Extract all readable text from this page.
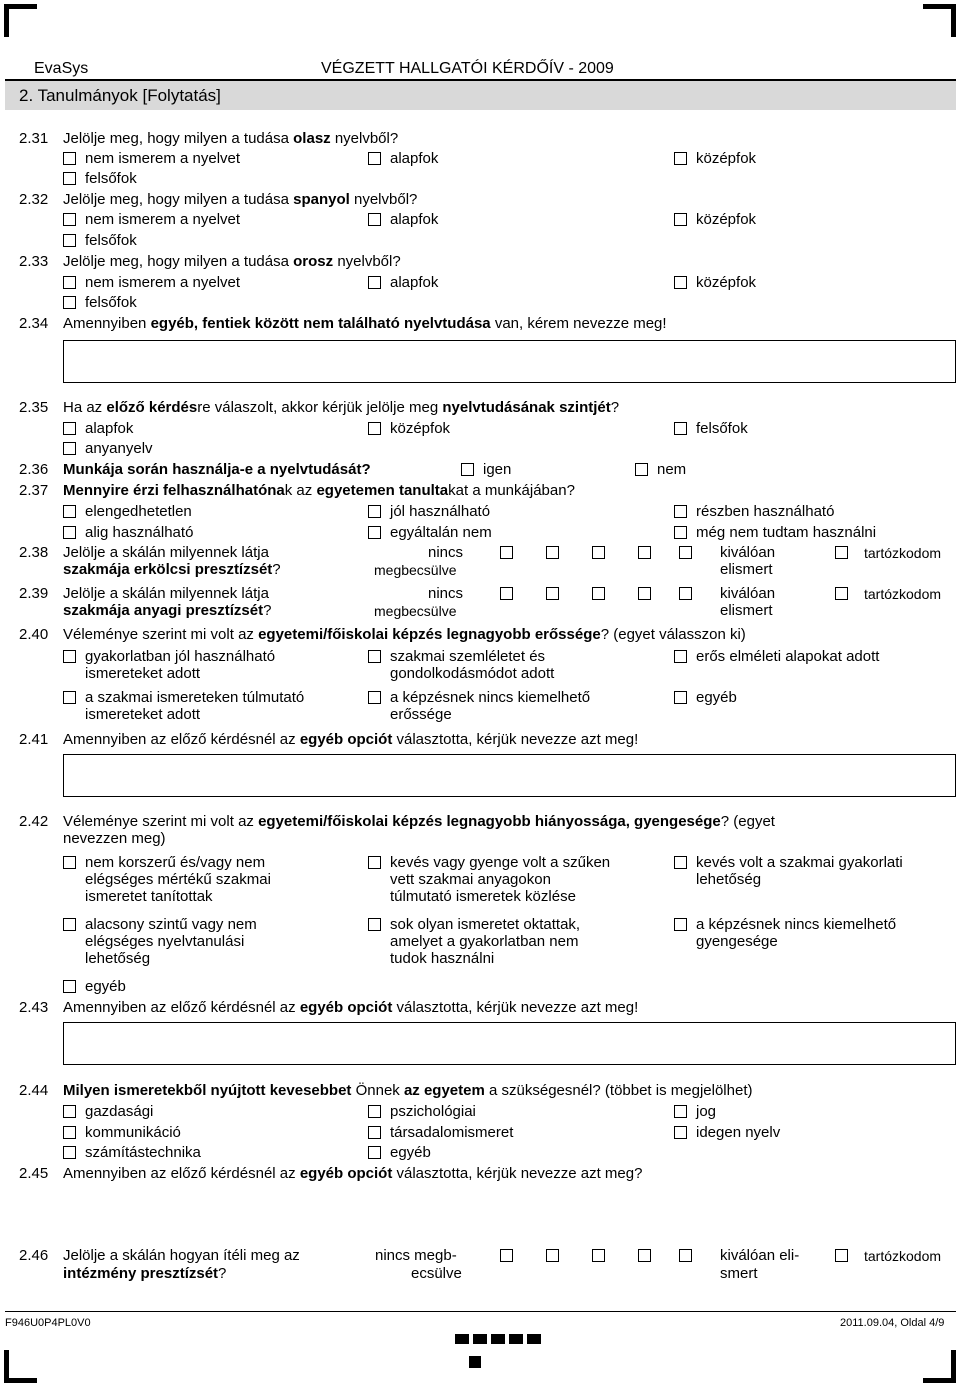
EvaSys	VÉGZETT HALLGATÓI KÉRDŐÍV - 2009
2. Tanulmányok [Folytatás]
2.31 Jelölje meg, hogy milyen a tudása olasz nyelvből?
nem ismerem a nyelvet	alapfok	középfok
felsőfok
2.32 Jelölje meg, hogy milyen a tudása spanyol nyelvből?
nem ismerem a nyelvet	alapfok	középfok
felsőfok
2.33 Jelölje meg, hogy milyen a tudása orosz nyelvből?
nem ismerem a nyelvet	alapfok	középfok
felsőfok
2.34 Amennyiben egyéb, fentiek között nem található nyelvtudása van, kérem nevezze meg!
2.35 Ha az előző kérdésre válaszolt, akkor kérjük jelölje meg nyelvtudásának szintjét?
alapfok	középfok	felsőfok
anyanyelv
2.36 Munkája során használja-e a nyelvtudását?	igen	nem
2.37 Mennyire érzi felhasználhatónak az egyetemen tanultakat a munkájában?
elengedhetetlen	jól használható	részben használható
alig használható	egyáltalán nem	még nem tudtam használni
2.38 Jelölje a skálán milyennek látja
szakmája erkölcsi presztízsét?
nincs
megbecsülve
kiválóan
elismert
tartózkodom
2.39 Jelölje a skálán milyennek látja
szakmája anyagi presztízsét?
nincs
megbecsülve
kiválóan
elismert
tartózkodom
2.40 Véleménye szerint mi volt az egyetemi/főiskolai képzés legnagyobb erőssége? (egyet válasszon ki)
gyakorlatban jól használható
ismereteket adott
szakmai szemléletet és
gondolkodásmódot adott
erős elméleti alapokat adott
a szakmai ismereteken túlmutató
ismereteket adott
a képzésnek nincs kiemelhető
erőssége
egyéb
2.41 Amennyiben az előző kérdésnél az egyéb opciót választotta, kérjük nevezze azt meg!
2.42 Véleménye szerint mi volt az egyetemi/főiskolai képzés legnagyobb hiányossága, gyengesége? (egyet
nevezzen meg)
nem korszerű és/vagy nem
elégséges mértékű szakmai
ismeretet tanítottak
kevés vagy gyenge volt a szűken
vett szakmai anyagokon
túlmutató ismeretek közlése
kevés volt a szakmai gyakorlati
lehetőség
alacsony szintű vagy nem
elégséges nyelvtanulási
lehetőség
sok olyan ismeretet oktattak,
amelyet a gyakorlatban nem
tudok használni
a képzésnek nincs kiemelhető
gyengesége
egyéb
2.43 Amennyiben az előző kérdésnél az egyéb opciót választotta, kérjük nevezze azt meg!
2.44 Milyen ismeretekből nyújtott kevesebbet Önnek az egyetem a szükségesnél? (többet is megjelölhet)
gazdasági	pszichológiai	jog
kommunikáció	társadalomismeret	idegen nyelv
számítástechnika	egyéb
2.45 Amennyiben az előző kérdésnél az egyéb opciót választotta, kérjük nevezze azt meg?
2.46 Jelölje a skálán hogyan ítéli meg az
intézmény presztízsét?
nincs megb-
ecsülve
kiválóan eli-
smert
tartózkodom
F946U0P4PL0V0	2011.09.04, Oldal 4/9
